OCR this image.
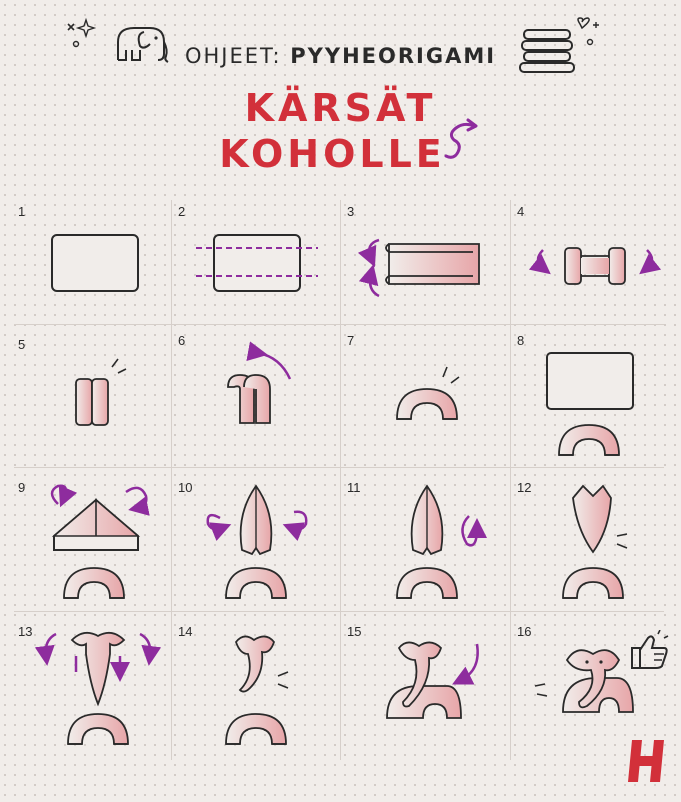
OHJEET: PYYHEORIGAMI
KÄRSÄT
KOHOLLE
1	2	3	4
5	6	7	8
9	10	11	12
13	14	15	16
